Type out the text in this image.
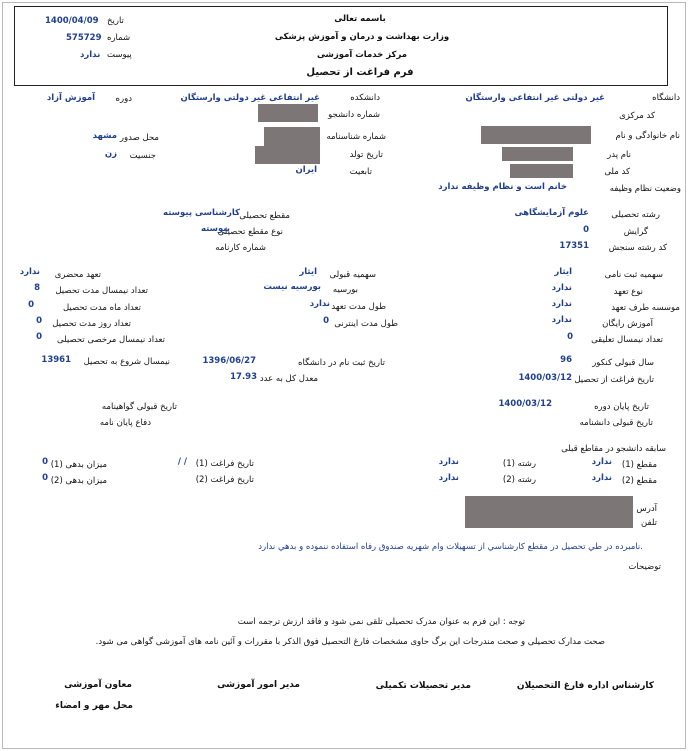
باسمه تعالی
وزارت بهداشت و درمان و آموزش پزشکی
مرکز خدمات آموزشی
فرم فراغت از تحصیل
تاریخ
1400/04/09
شماره
575729
پیوست
ندارد
دانشگاه
غیر دولتی غیر انتفاعی وارستگان
دانشکده
غیر انتفاعی غیر دولتی وارستگان
دوره
آموزش آزاد
کد مرکزی
شماره دانشجو
نام خانوادگی و نام
شماره شناسنامه
محل صدور
مشهد
نام پدر
تاریخ تولد
جنسیت
زن
کد ملی
تابعیت
ایران
وضعیت نظام وظیفه
خانم است و نظام وظیفه ندارد
رشته تحصیلی
علوم آزمایشگاهی
مقطع تحصیلی
کارشناسی پیوسته
گرایش
0
نوع مقطع تحصیلی
پیوسته
کد رشته سنجش
17351
شماره کارنامه
سهمیه ثبت نامی
ایثار
سهمیه قبولی
ایثار
تعهد محضری
ندارد
نوع تعهد
ندارد
بورسیه
بورسیه نیست
تعداد نیمسال مدت تحصیل
8
موسسه طرف تعهد
ندارد
طول مدت تعهد
ندارد
تعداد ماه مدت تحصیل
0
آموزش رایگان
ندارد
طول مدت اینترنی
0
تعداد روز مدت تحصیل
0
تعداد نیمسال تعلیقی
0
تعداد نیمسال مرخصی تحصیلی
0
سال قبولی کنکور
96
تاریخ ثبت نام در دانشگاه
1396/06/27
نیمسال شروع به تحصیل
13961
تاریخ فراغت از تحصیل
1400/03/12
معدل کل به عدد
17.93
تاریخ پایان دوره
1400/03/12
تاریخ قبولی گواهینامه
تاریخ قبولی دانشنامه
دفاع پایان نامه
سابقه دانشجو در مقاطع قبلی
مقطع (1)
ندارد
رشته (1)
ندارد
تاریخ فراغت (1)
/ /
میزان بدهی (1)
0
مقطع (2)
ندارد
رشته (2)
ندارد
تاریخ فراغت (2)
میزان بدهی (2)
0
آدرس
تلفن
نامبرده در طي تحصيل در مقطع کارشناسي از تسهيلات وام شهريه صندوق رفاه استفاده ننموده و بدهي ندارد.
توضیحات
توجه : این فرم به عنوان مدرک تحصیلی تلقی نمی شود و فاقد ارزش ترجمه است
.صحت مدارک تحصیلی و صحت مندرجات این برگ حاوی مشخصات فارغ التحصیل فوق الذکر با مقررات و آئین نامه های آموزشی گواهی می شود
کارشناس اداره فارغ التحصیلان
مدیر تحصیلات تکمیلی
مدیر امور آموزشی
معاون آموزشی
محل مهر و امضاء
